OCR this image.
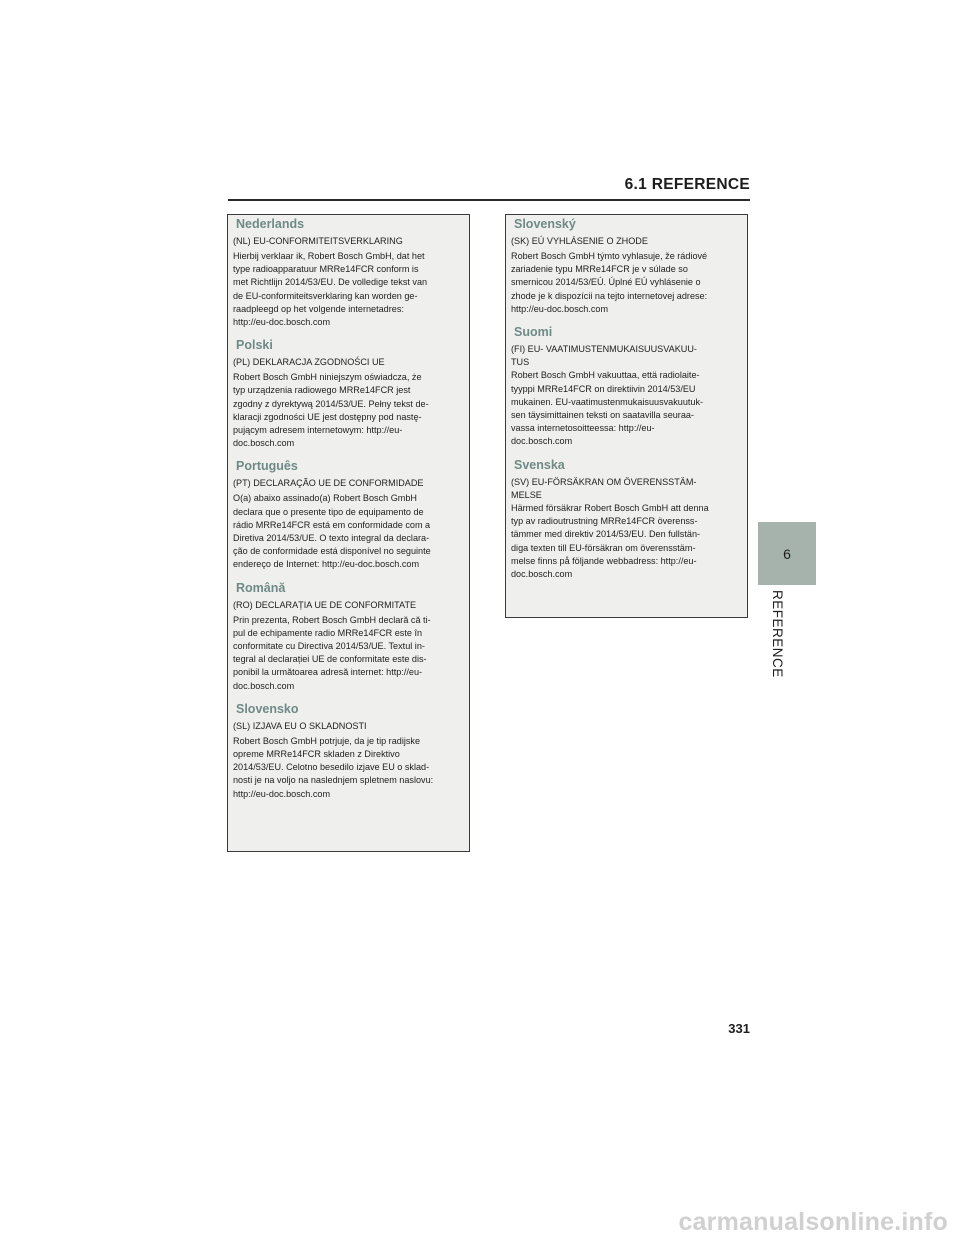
6.1 REFERENCE
Nederlands
(NL) EU-CONFORMITEITSVERKLARING
Hierbij verklaar ik, Robert Bosch GmbH, dat het
type radioapparatuur MRRe14FCR conform is
met Richtlijn 2014/53/EU. De volledige tekst van
de EU-conformiteitsverklaring kan worden ge-
raadpleegd op het volgende internetadres:
http://eu-doc.bosch.com
Polski
(PL) DEKLARACJA ZGODNOŚCI UE
Robert Bosch GmbH niniejszym oświadcza, że
typ urządzenia radiowego MRRe14FCR jest
zgodny z dyrektywą 2014/53/UE. Pełny tekst de-
klaracji zgodności UE jest dostępny pod nastę-
pującym adresem internetowym: http://eu-
doc.bosch.com
Português
(PT) DECLARAÇÃO UE DE CONFORMIDADE
O(a) abaixo assinado(a) Robert Bosch GmbH
declara que o presente tipo de equipamento de
rádio MRRe14FCR está em conformidade com a
Diretiva 2014/53/UE. O texto integral da declara-
ção de conformidade está disponível no seguinte
endereço de Internet: http://eu-doc.bosch.com
Română
(RO) DECLARAȚIA UE DE CONFORMITATE
Prin prezenta, Robert Bosch GmbH declară că ti-
pul de echipamente radio MRRe14FCR este în
conformitate cu Directiva 2014/53/UE. Textul in-
tegral al declarației UE de conformitate este dis-
ponibil la următoarea adresă internet: http://eu-
doc.bosch.com
Slovensko
(SL) IZJAVA EU O SKLADNOSTI
Robert Bosch GmbH potrjuje, da je tip radijske
opreme MRRe14FCR skladen z Direktivo
2014/53/EU. Celotno besedilo izjave EU o sklad-
nosti je na voljo na naslednjem spletnem naslovu:
http://eu-doc.bosch.com
Slovenský
(SK) EÚ VYHLÁSENIE O ZHODE
Robert Bosch GmbH týmto vyhlasuje, že rádiové
zariadenie typu MRRe14FCR je v súlade so
smernicou 2014/53/EÚ. Úplné EÚ vyhlásenie o
zhode je k dispozícii na tejto internetovej adrese:
http://eu-doc.bosch.com
Suomi
(FI) EU- VAATIMUSTENMUKAISUUSVAKUU-
TUS
Robert Bosch GmbH vakuuttaa, että radiolaite-
tyyppi MRRe14FCR on direktiivin 2014/53/EU
mukainen. EU-vaatimustenmukaisuusvakuutuk-
sen täysimittainen teksti on saatavilla seuraa-
vassa internetosoitteessa: http://eu-
doc.bosch.com
Svenska
(SV) EU-FÖRSÄKRAN OM ÖVERENSSTÄM-
MELSE
Härmed försäkrar Robert Bosch GmbH att denna
typ av radioutrustning MRRe14FCR överenss-
tämmer med direktiv 2014/53/EU. Den fullstän-
diga texten till EU-försäkran om överensstäm-
melse finns på följande webbadress: http://eu-
doc.bosch.com
6
REFERENCE
331
carmanualsonline.info
